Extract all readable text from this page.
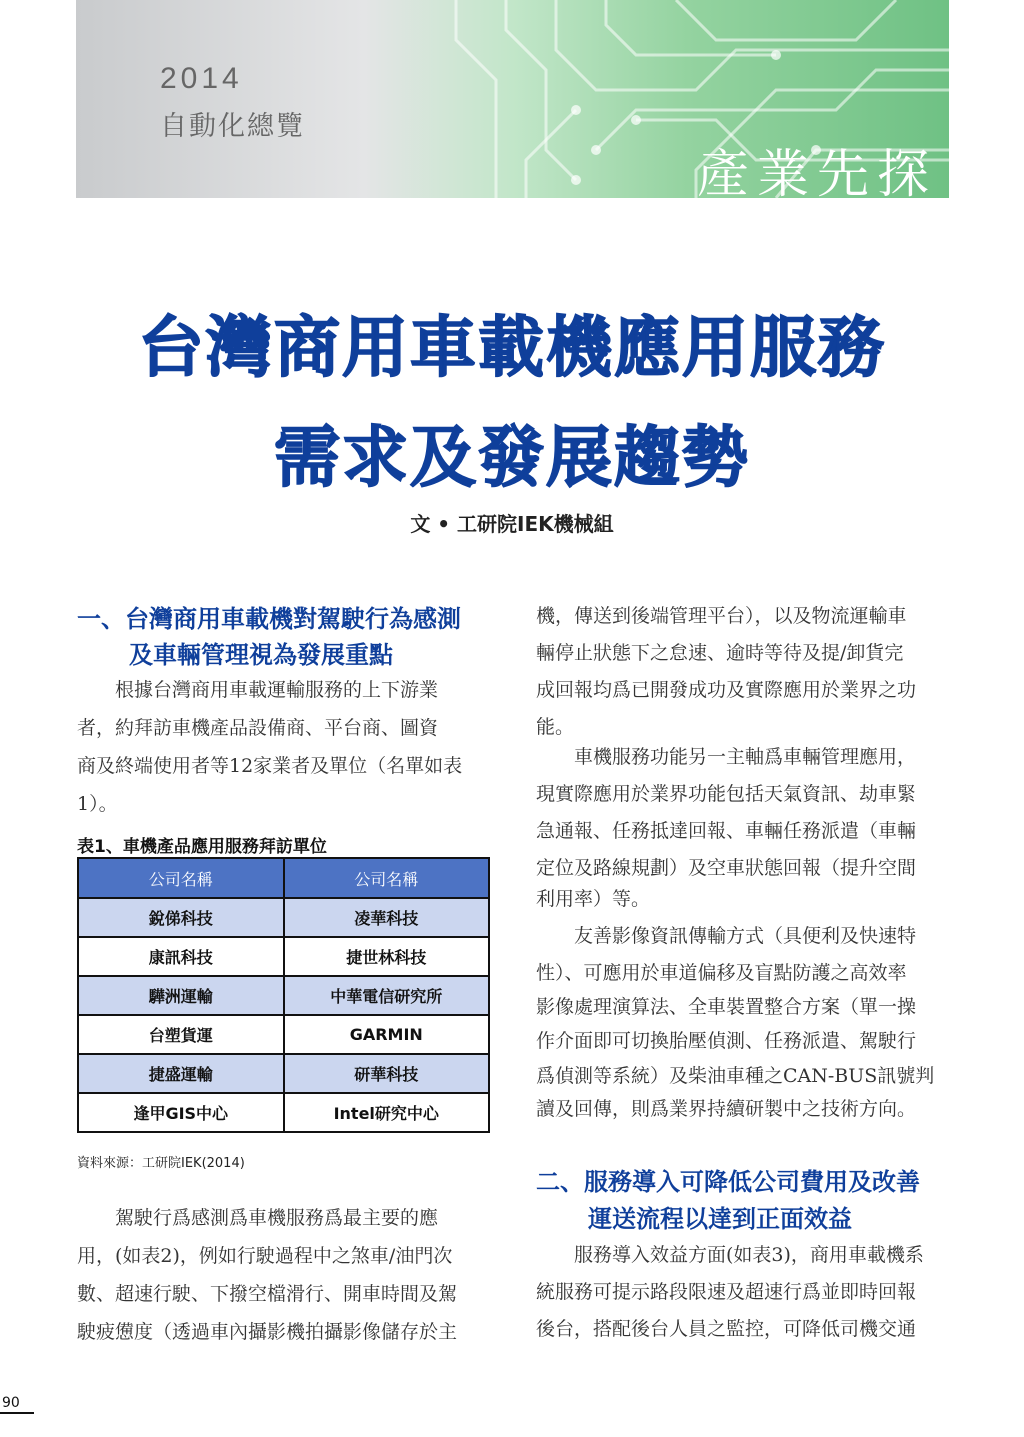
2014
自動化總覽
產業先探
台灣商用車載機應用服務
需求及發展趨勢
文 • 工研院IEK機械組
一、台灣商用車載機對駕駛行為感測
及車輛管理視為發展重點
　　根據台灣商用車載運輸服務的上下游業
者，約拜訪車機產品設備商、平台商、圖資
商及終端使用者等12家業者及單位（名單如表
1）。
表1、車機產品應用服務拜訪單位
公司名稱	公司名稱
銳俤科技	凌華科技
康訊科技	捷世林科技
驊洲運輸	中華電信研究所
台塑貨運	GARMIN
捷盛運輸	研華科技
逢甲GIS中心	Intel研究中心
資料來源：工研院IEK(2014)
　　駕駛行爲感測爲車機服務爲最主要的應
用，(如表2)，例如行駛過程中之煞車/油門次
數、超速行駛、下撥空檔滑行、開車時間及駕
駛疲憊度（透過車內攝影機拍攝影像儲存於主
機，傳送到後端管理平台），以及物流運輸車
輛停止狀態下之怠速、逾時等待及提/卸貨完
成回報均爲已開發成功及實際應用於業界之功
能。
　　車機服務功能另一主軸爲車輛管理應用，
現實際應用於業界功能包括天氣資訊、劫車緊
急通報、任務抵達回報、車輛任務派遣（車輛
定位及路線規劃）及空車狀態回報（提升空間
利用率）等。
　　友善影像資訊傳輸方式（具便利及快速特
性）、可應用於車道偏移及盲點防護之高效率
影像處理演算法、全車裝置整合方案（單一操
作介面即可切換胎壓偵測、任務派遣、駕駛行
爲偵測等系統）及柴油車種之CAN-BUS訊號判
讀及回傳，則爲業界持續研製中之技術方向。
二、服務導入可降低公司費用及改善
運送流程以達到正面效益
　　服務導入效益方面(如表3)，商用車載機系
統服務可提示路段限速及超速行爲並即時回報
後台，搭配後台人員之監控，可降低司機交通
90
